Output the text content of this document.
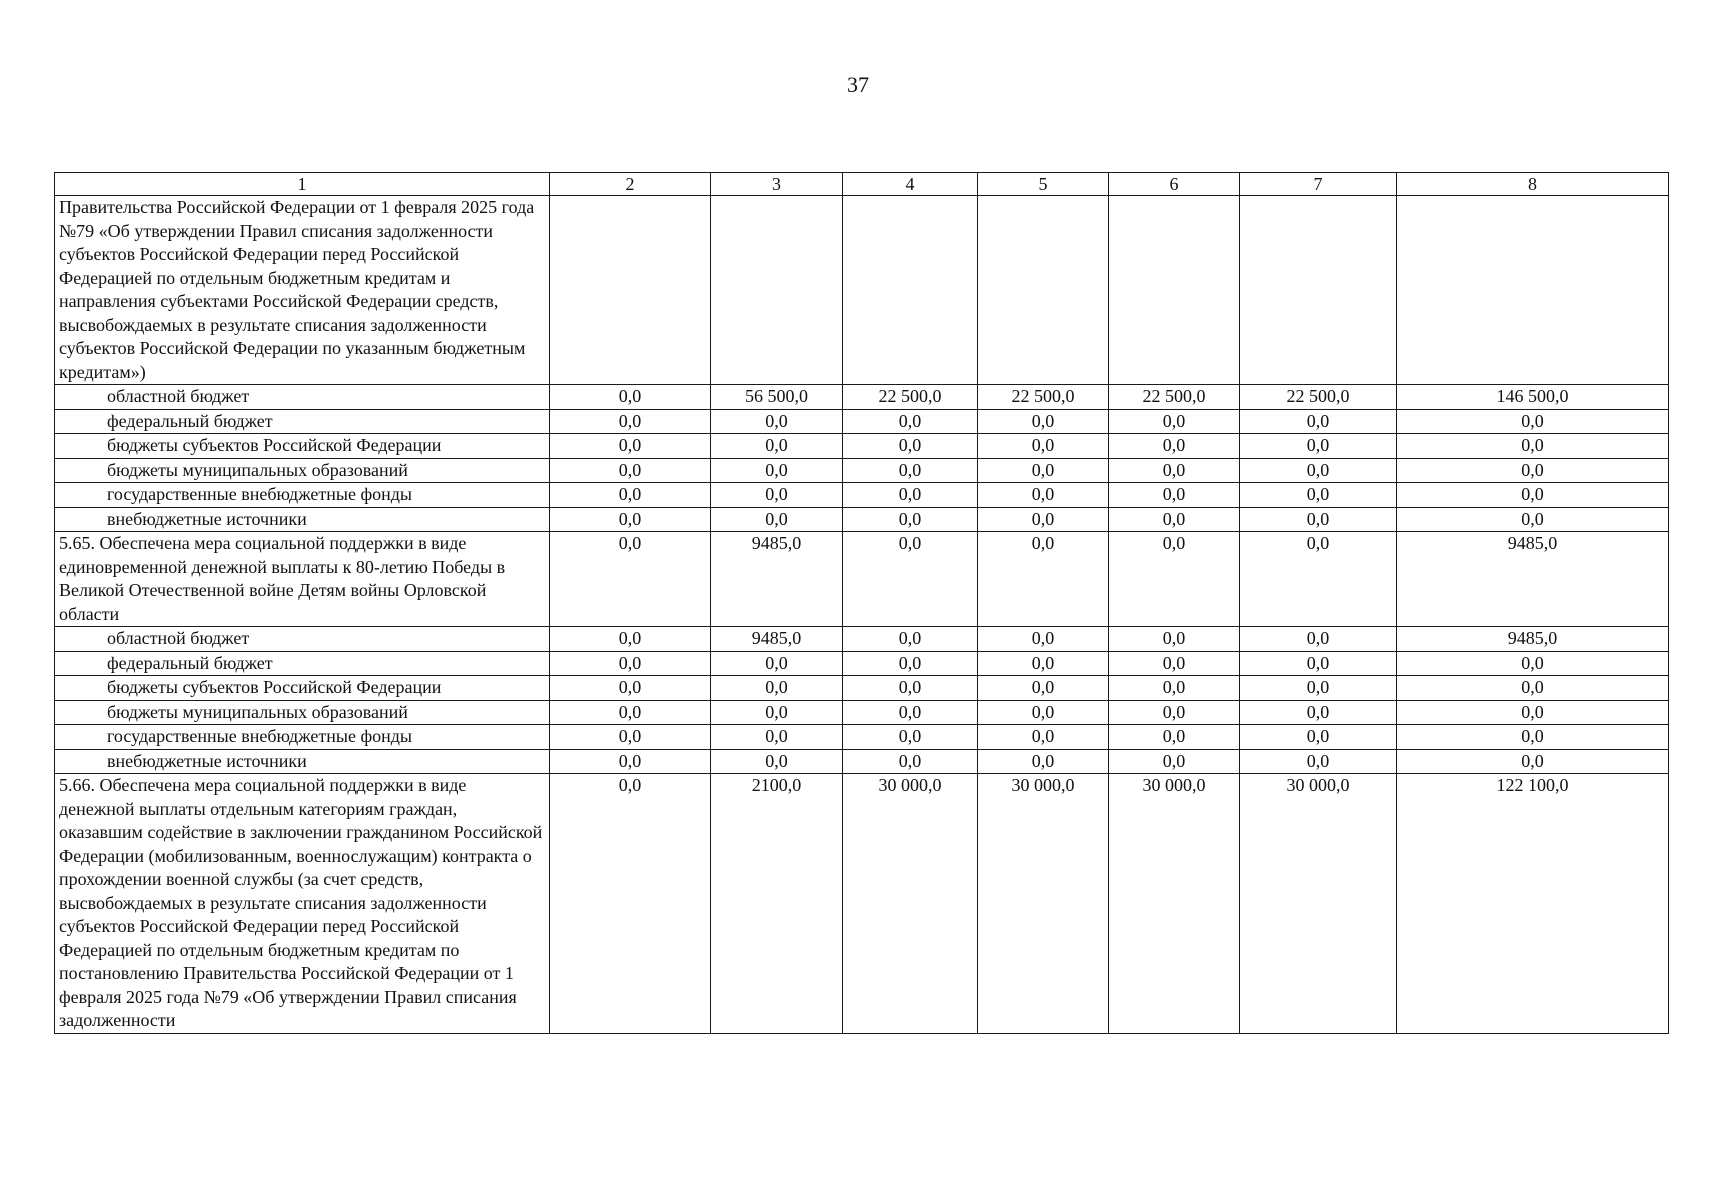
37
1	2	3	4	5	6	7	8
Правительства Российской Федерации от 1 февраля 2025 года №79 «Об утверждении Правил списания задолженности субъектов Российской Федерации перед Российской Федерацией по отдельным бюджетным кредитам и направления субъектами Российской Федерации средств, высвобождаемых в результате списания задолженности субъектов Российской Федерации по указанным бюджетным кредитам»)							
областной бюджет	0,0	56 500,0	22 500,0	22 500,0	22 500,0	22 500,0	146 500,0
федеральный бюджет	0,0	0,0	0,0	0,0	0,0	0,0	0,0
бюджеты субъектов Российской Федерации	0,0	0,0	0,0	0,0	0,0	0,0	0,0
бюджеты муниципальных образований	0,0	0,0	0,0	0,0	0,0	0,0	0,0
государственные внебюджетные фонды	0,0	0,0	0,0	0,0	0,0	0,0	0,0
внебюджетные источники	0,0	0,0	0,0	0,0	0,0	0,0	0,0
5.65. Обеспечена мера социальной поддержки в виде единовременной денежной выплаты к 80-летию Победы в Великой Отечественной войне Детям войны Орловской области	0,0	9485,0	0,0	0,0	0,0	0,0	9485,0
областной бюджет	0,0	9485,0	0,0	0,0	0,0	0,0	9485,0
федеральный бюджет	0,0	0,0	0,0	0,0	0,0	0,0	0,0
бюджеты субъектов Российской Федерации	0,0	0,0	0,0	0,0	0,0	0,0	0,0
бюджеты муниципальных образований	0,0	0,0	0,0	0,0	0,0	0,0	0,0
государственные внебюджетные фонды	0,0	0,0	0,0	0,0	0,0	0,0	0,0
внебюджетные источники	0,0	0,0	0,0	0,0	0,0	0,0	0,0
5.66. Обеспечена мера социальной поддержки в виде денежной выплаты отдельным категориям граждан, оказавшим содействие в заключении гражданином Российской Федерации (мобилизованным, военнослужащим) контракта о прохождении военной службы (за счет средств, высвобождаемых в результате списания задолженности субъектов Российской Федерации перед Российской Федерацией по отдельным бюджетным кредитам по постановлению Правительства Российской Федерации от 1 февраля 2025 года №79 «Об утверждении Правил списания задолженности	0,0	2100,0	30 000,0	30 000,0	30 000,0	30 000,0	122 100,0
